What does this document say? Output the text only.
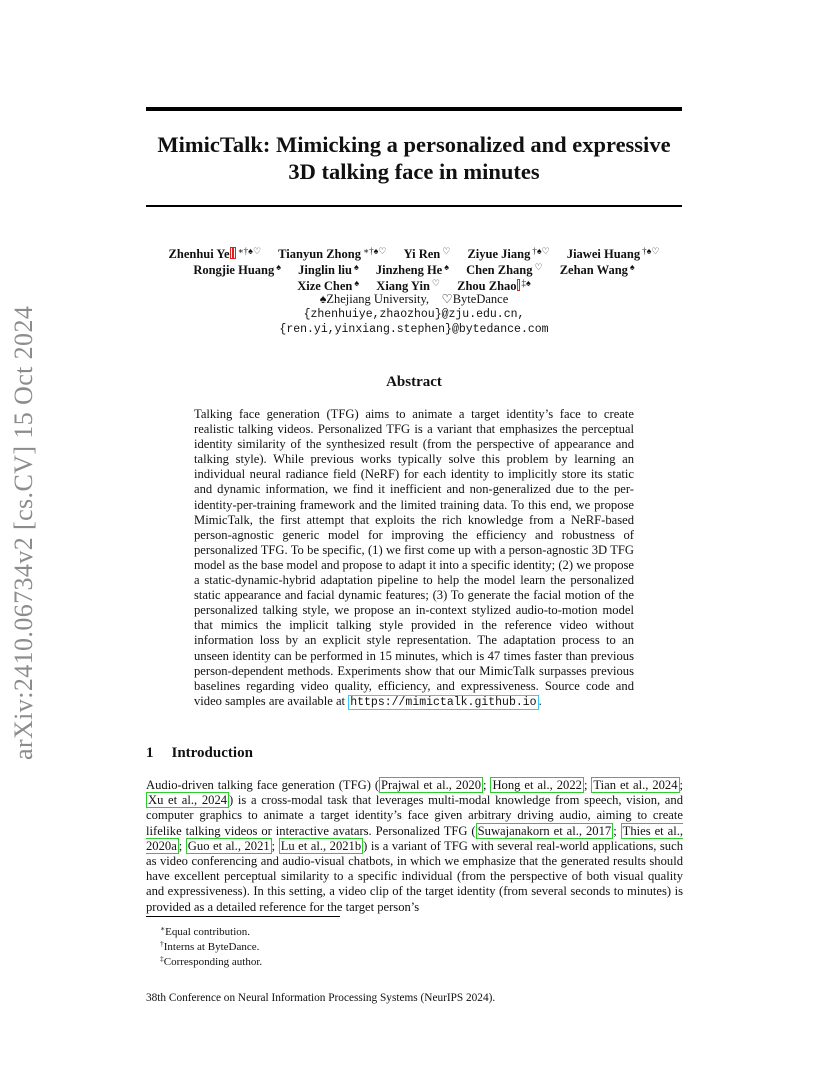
arXiv:2410.06734v2 [cs.CV] 15 Oct 2024
MimicTalk: Mimicking a personalized and expressive
3D talking face in minutes
Zhenhui Ye ∗†♠♡ Tianyun Zhong ∗†♠♡ Yi Ren ♡ Ziyue Jiang †♠♡ Jiawei Huang †♠♡
Rongjie Huang ♠ Jinglin liu ♠ Jinzheng He ♠ Chen Zhang ♡ Zehan Wang ♠
Xize Chen ♠ Xiang Yin ♡ Zhou Zhao ‡♠
♠Zhejiang University, ♡ByteDance
{zhenhuiye,zhaozhou}@zju.edu.cn,
{ren.yi,yinxiang.stephen}@bytedance.com
Abstract
Talking face generation (TFG) aims to animate a target identity’s face to create realistic talking videos. Personalized TFG is a variant that emphasizes the perceptual identity similarity of the synthesized result (from the perspective of appearance and talking style). While previous works typically solve this problem by learning an individual neural radiance field (NeRF) for each identity to implicitly store its static and dynamic information, we find it inefficient and non-generalized due to the per-identity-per-training framework and the limited training data. To this end, we propose MimicTalk, the first attempt that exploits the rich knowledge from a NeRF-based person-agnostic generic model for improving the efficiency and robustness of personalized TFG. To be specific, (1) we first come up with a person-agnostic 3D TFG model as the base model and propose to adapt it into a specific identity; (2) we propose a static-dynamic-hybrid adaptation pipeline to help the model learn the personalized static appearance and facial dynamic features; (3) To generate the facial motion of the personalized talking style, we propose an in-context stylized audio-to-motion model that mimics the implicit talking style provided in the reference video without information loss by an explicit style representation. The adaptation process to an unseen identity can be performed in 15 minutes, which is 47 times faster than previous person-dependent methods. Experiments show that our MimicTalk surpasses previous baselines regarding video quality, efficiency, and expressiveness. Source code and video samples are available at https://mimictalk.github.io .
1 Introduction
Audio-driven talking face generation (TFG) ( Prajwal et al., 2020 ; Hong et al., 2022 ; Tian et al., 2024 ; Xu et al., 2024 ) is a cross-modal task that leverages multi-modal knowledge from speech, vision, and computer graphics to animate a target identity’s face given arbitrary driving audio, aiming to create lifelike talking videos or interactive avatars. Personalized TFG ( Suwajanakorn et al., 2017 ; Thies et al., 2020a ; Guo et al., 2021 ; Lu et al., 2021b ) is a variant of TFG with several real-world applications, such as video conferencing and audio-visual chatbots, in which we emphasize that the generated results should have excellent perceptual similarity to a specific individual (from the perspective of both visual quality and expressiveness). In this setting, a video clip of the target identity (from several seconds to minutes) is provided as a detailed reference for the target person’s
∗Equal contribution.
†Interns at ByteDance.
‡Corresponding author.
38th Conference on Neural Information Processing Systems (NeurIPS 2024).
